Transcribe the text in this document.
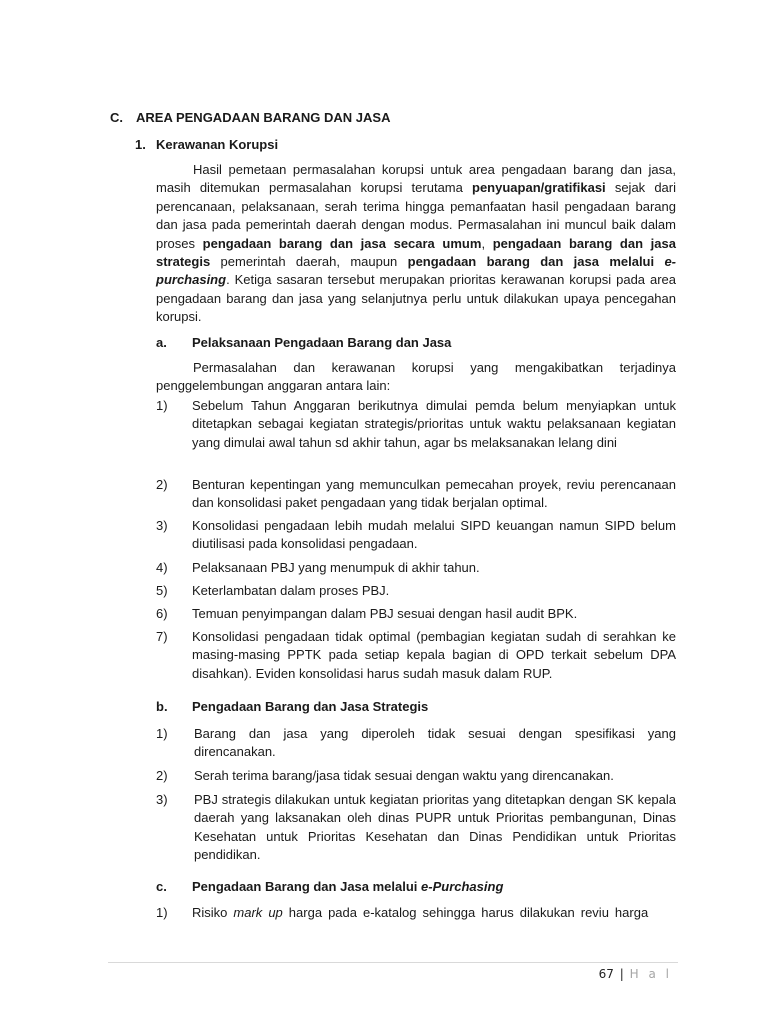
C. AREA PENGADAAN BARANG DAN JASA
1. Kerawanan Korupsi

Hasil pemetaan permasalahan korupsi untuk area pengadaan barang dan jasa, masih ditemukan permasalahan korupsi terutama penyuapan/gratifikasi sejak dari perencanaan, pelaksanaan, serah terima hingga pemanfaatan hasil pengadaan barang dan jasa pada pemerintah daerah dengan modus. Permasalahan ini muncul baik dalam proses pengadaan barang dan jasa secara umum, pengadaan barang dan jasa strategis pemerintah daerah, maupun pengadaan barang dan jasa melalui e-purchasing. Ketiga sasaran tersebut merupakan prioritas kerawanan korupsi pada area pengadaan barang dan jasa yang selanjutnya perlu untuk dilakukan upaya pencegahan korupsi.

a. Pelaksanaan Pengadaan Barang dan Jasa

Permasalahan dan kerawanan korupsi yang mengakibatkan terjadinya penggelembungan anggaran antara lain:

1) Sebelum Tahun Anggaran berikutnya dimulai pemda belum menyiapkan untuk ditetapkan sebagai kegiatan strategis/prioritas untuk waktu pelaksanaan kegiatan yang dimulai awal tahun sd akhir tahun, agar bs melaksanakan lelang dini
2) Benturan kepentingan yang memunculkan pemecahan proyek, reviu perencanaan dan konsolidasi paket pengadaan yang tidak berjalan optimal.
3) Konsolidasi pengadaan lebih mudah melalui SIPD keuangan namun SIPD belum diutilisasi pada konsolidasi pengadaan.
4) Pelaksanaan PBJ yang menumpuk di akhir tahun.
5) Keterlambatan dalam proses PBJ.
6) Temuan penyimpangan dalam PBJ sesuai dengan hasil audit BPK.
7) Konsolidasi pengadaan tidak optimal (pembagian kegiatan sudah di serahkan ke masing-masing PPTK pada setiap kepala bagian di OPD terkait sebelum DPA disahkan). Eviden konsolidasi harus sudah masuk dalam RUP.
b. Pengadaan Barang dan Jasa Strategis
1) Barang dan jasa yang diperoleh tidak sesuai dengan spesifikasi yang direncanakan.
2) Serah terima barang/jasa tidak sesuai dengan waktu yang direncanakan.
3) PBJ strategis dilakukan untuk kegiatan prioritas yang ditetapkan dengan SK kepala daerah yang laksanakan oleh dinas PUPR untuk Prioritas pembangunan, Dinas Kesehatan untuk Prioritas Kesehatan dan Dinas Pendidikan untuk Prioritas pendidikan.
c. Pengadaan Barang dan Jasa melalui e-Purchasing
1) Risiko mark up harga pada e-katalog sehingga harus dilakukan reviu harga
67 | H a l
